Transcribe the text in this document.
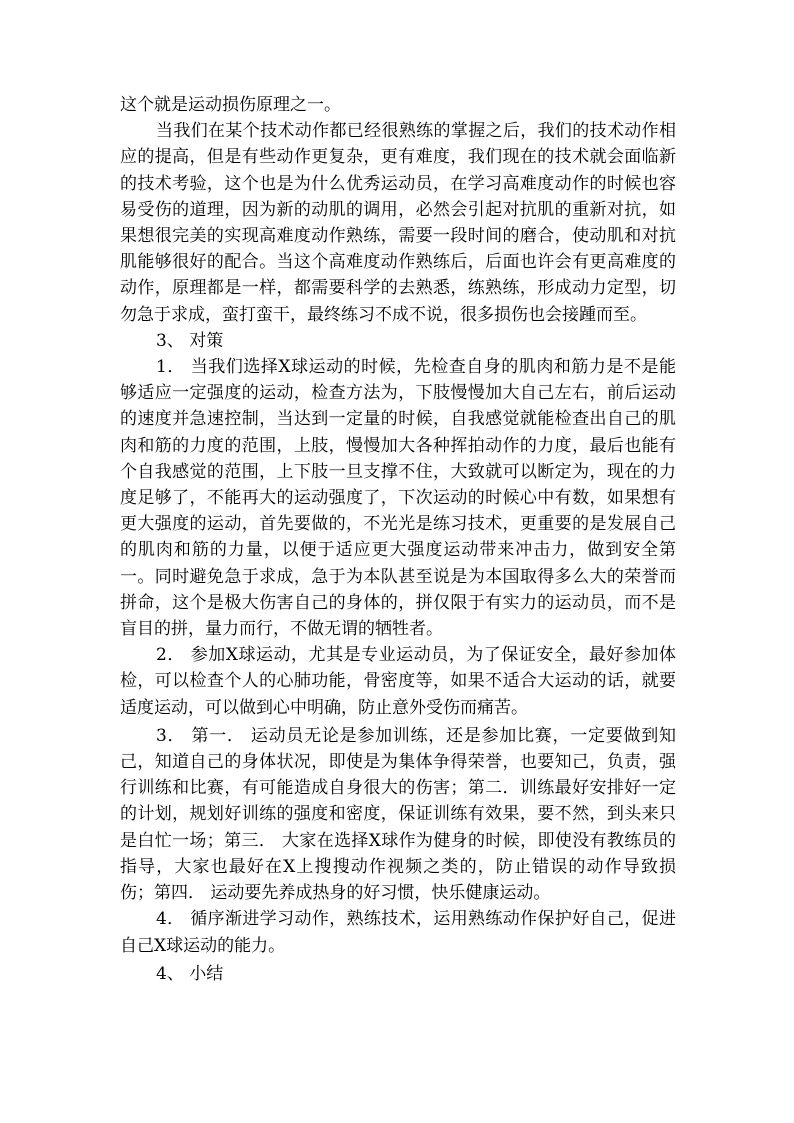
这个就是运动损伤原理之一。

当我们在某个技术动作都已经很熟练的掌握之后，我们的技术动作相应的提高，但是有些动作更复杂，更有难度，我们现在的技术就会面临新的技术考验，这个也是为什么优秀运动员，在学习高难度动作的时候也容易受伤的道理，因为新的动肌的调用，必然会引起对抗肌的重新对抗，如果想很完美的实现高难度动作熟练，需要一段时间的磨合，使动肌和对抗肌能够很好的配合。当这个高难度动作熟练后，后面也许会有更高难度的动作，原理都是一样，都需要科学的去熟悉，练熟练，形成动力定型，切勿急于求成，蛮打蛮干，最终练习不成不说，很多损伤也会接踵而至。

3、 对策

1． 当我们选择X球运动的时候，先检查自身的肌肉和筋力是不是能够适应一定强度的运动，检查方法为，下肢慢慢加大自己左右，前后运动的速度并急速控制，当达到一定量的时候，自我感觉就能检查出自己的肌肉和筋的力度的范围，上肢，慢慢加大各种挥拍动作的力度，最后也能有个自我感觉的范围，上下肢一旦支撑不住，大致就可以断定为，现在的力度足够了，不能再大的运动强度了，下次运动的时候心中有数，如果想有更大强度的运动，首先要做的，不光光是练习技术，更重要的是发展自己的肌肉和筋的力量，以便于适应更大强度运动带来冲击力，做到安全第一。同时避免急于求成，急于为本队甚至说是为本国取得多么大的荣誉而拼命，这个是极大伤害自己的身体的，拼仅限于有实力的运动员，而不是盲目的拼，量力而行，不做无谓的牺牲者。

2． 参加X球运动，尤其是专业运动员，为了保证安全，最好参加体检，可以检查个人的心肺功能，骨密度等，如果不适合大运动的话，就要适度运动，可以做到心中明确，防止意外受伤而痛苦。

3． 第一． 运动员无论是参加训练，还是参加比赛，一定要做到知己，知道自己的身体状况，即使是为集体争得荣誉，也要知己，负责，强行训练和比赛，有可能造成自身很大的伤害；第二．训练最好安排好一定的计划，规划好训练的强度和密度，保证训练有效果，要不然，到头来只是白忙一场；第三． 大家在选择X球作为健身的时候，即使没有教练员的指导，大家也最好在X上搜搜动作视频之类的，防止错误的动作导致损伤；第四． 运动要先养成热身的好习惯，快乐健康运动。

4． 循序渐进学习动作，熟练技术，运用熟练动作保护好自己，促进自己X球运动的能力。

4、 小结
